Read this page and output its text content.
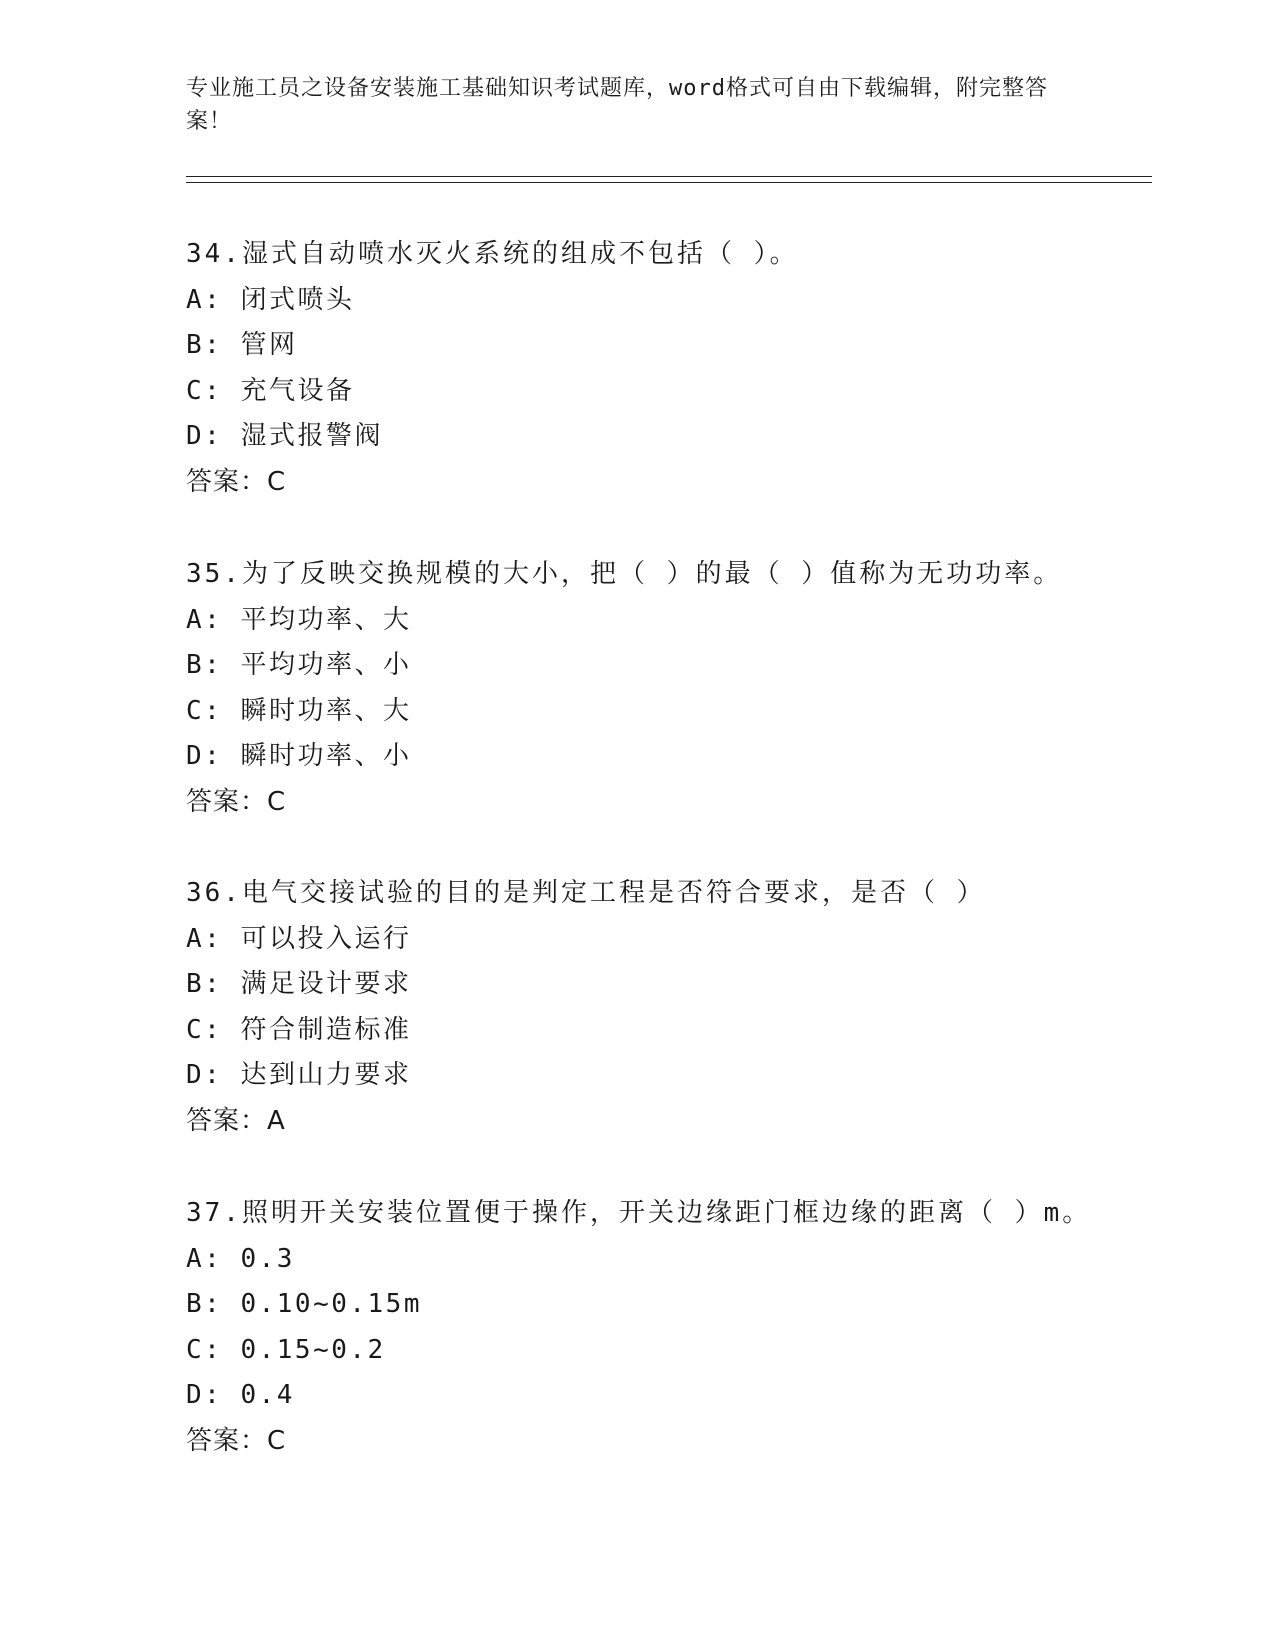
专业施工员之设备安装施工基础知识考试题库，word格式可自由下载编辑，附完整答案！
34.湿式自动喷水灭火系统的组成不包括（ ）。
A: 闭式喷头
B: 管网
C: 充气设备
D: 湿式报警阀
答案：C
35.为了反映交换规模的大小，把（ ）的最（ ）值称为无功功率。
A: 平均功率、大
B: 平均功率、小
C: 瞬时功率、大
D: 瞬时功率、小
答案：C
36.电气交接试验的目的是判定工程是否符合要求，是否（ ）
A: 可以投入运行
B: 满足设计要求
C: 符合制造标准
D: 达到山力要求
答案：A
37.照明开关安装位置便于操作，开关边缘距门框边缘的距离（ ）m。
A: 0.3
B: 0.10~0.15m
C: 0.15~0.2
D: 0.4
答案：C
